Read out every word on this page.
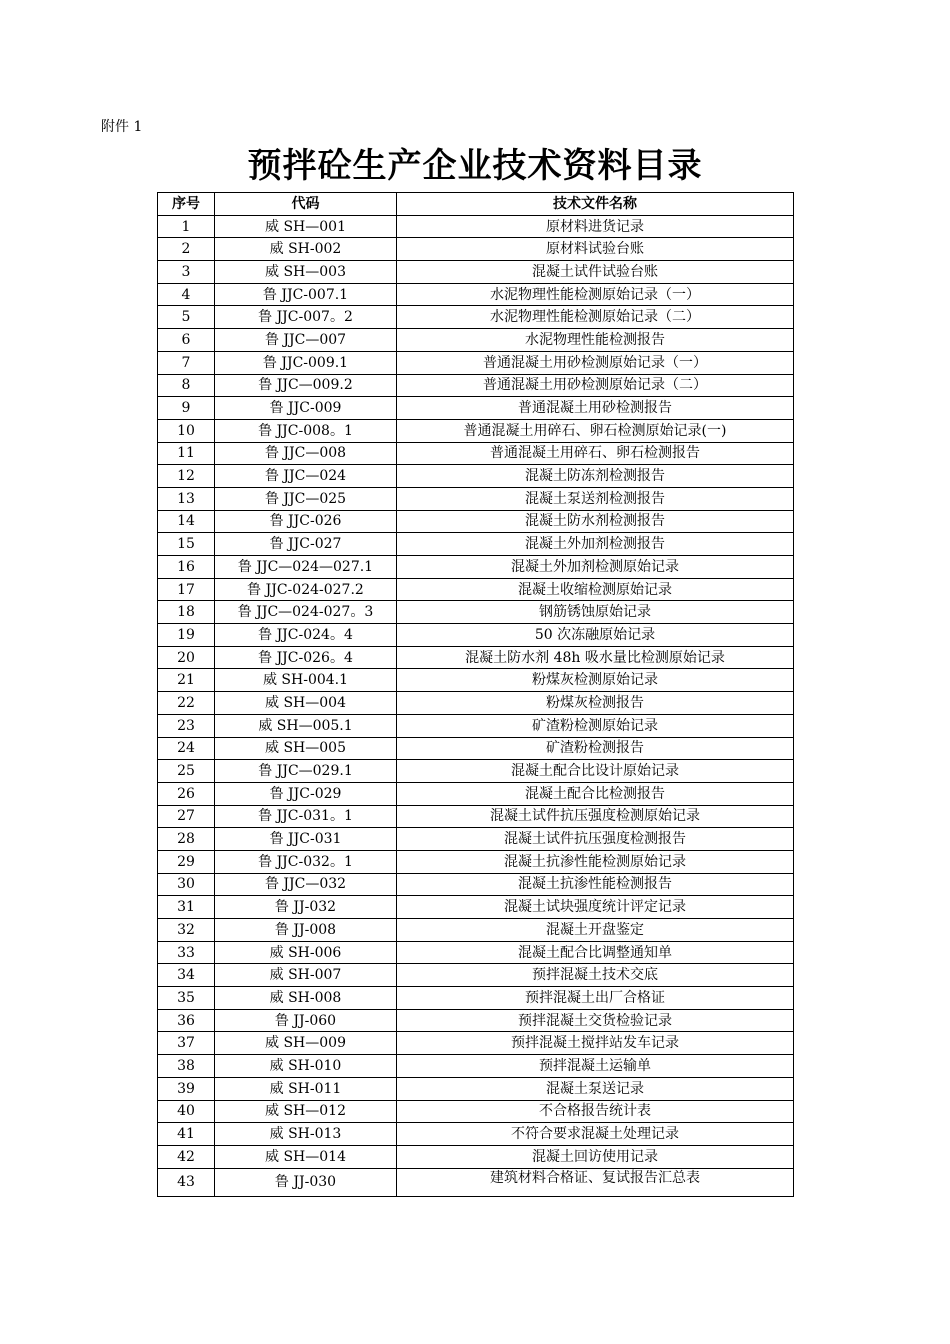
附件 1
预拌砼生产企业技术资料目录
序号	代码	技术文件名称
1	威 SH—001	原材料进货记录
2	威 SH-002	原材料试验台账
3	威 SH—003	混凝土试件试验台账
4	鲁 JJC-007.1	水泥物理性能检测原始记录（一）
5	鲁 JJC-007。2	水泥物理性能检测原始记录（二）
6	鲁 JJC—007	水泥物理性能检测报告
7	鲁 JJC-009.1	普通混凝土用砂检测原始记录（一）
8	鲁 JJC—009.2	普通混凝土用砂检测原始记录（二）
9	鲁 JJC-009	普通混凝土用砂检测报告
10	鲁 JJC-008。1	普通混凝土用碎石、卵石检测原始记录(一)
11	鲁 JJC—008	普通混凝土用碎石、卵石检测报告
12	鲁 JJC—024	混凝土防冻剂检测报告
13	鲁 JJC—025	混凝土泵送剂检测报告
14	鲁 JJC-026	混凝土防水剂检测报告
15	鲁 JJC-027	混凝土外加剂检测报告
16	鲁 JJC—024—027.1	混凝土外加剂检测原始记录
17	鲁 JJC-024-027.2	混凝土收缩检测原始记录
18	鲁 JJC—024-027。3	钢筋锈蚀原始记录
19	鲁 JJC-024。4	50 次冻融原始记录
20	鲁 JJC-026。4	混凝土防水剂 48h 吸水量比检测原始记录
21	威 SH-004.1	粉煤灰检测原始记录
22	威 SH—004	粉煤灰检测报告
23	威 SH—005.1	矿渣粉检测原始记录
24	威 SH—005	矿渣粉检测报告
25	鲁 JJC—029.1	混凝土配合比设计原始记录
26	鲁 JJC-029	混凝土配合比检测报告
27	鲁 JJC-031。1	混凝土试件抗压强度检测原始记录
28	鲁 JJC-031	混凝土试件抗压强度检测报告
29	鲁 JJC-032。1	混凝土抗渗性能检测原始记录
30	鲁 JJC—032	混凝土抗渗性能检测报告
31	鲁 JJ-032	混凝土试块强度统计评定记录
32	鲁 JJ-008	混凝土开盘鉴定
33	威 SH-006	混凝土配合比调整通知单
34	威 SH-007	预拌混凝土技术交底
35	威 SH-008	预拌混凝土出厂合格证
36	鲁 JJ-060	预拌混凝土交货检验记录
37	威 SH—009	预拌混凝土搅拌站发车记录
38	威 SH-010	预拌混凝土运输单
39	威 SH-011	混凝土泵送记录
40	威 SH—012	不合格报告统计表
41	威 SH-013	不符合要求混凝土处理记录
42	威 SH—014	混凝土回访使用记录
43	鲁 JJ-030	建筑材料合格证、复试报告汇总表
